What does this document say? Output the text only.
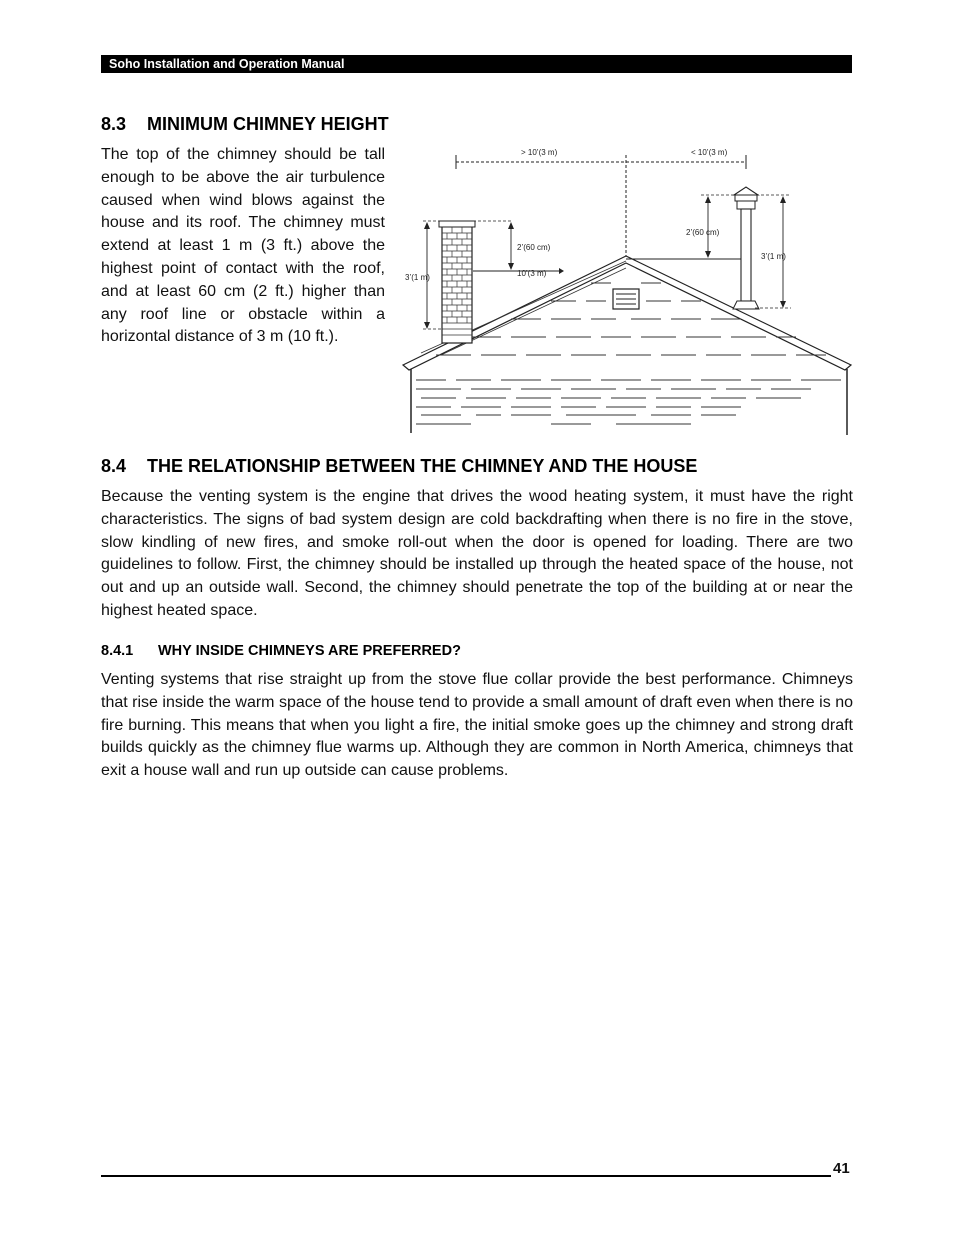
Soho Installation and Operation Manual
8.3 MINIMUM CHIMNEY HEIGHT

The top of the chimney should be tall enough to be above the air turbulence caused when wind blows against the house and its roof. The chimney must extend at least 1 m (3 ft.) above the highest point of contact with the roof, and at least 60 cm (2 ft.) higher than any roof line or obstacle within a horizontal distance of 3 m (10 ft.).

> 10’(3 m)	< 10’(3 m)
3’(1 m)	10’(3 m)
2’(60 cm)
2’(60 cm)
3’(1 m)
8.4 THE RELATIONSHIP BETWEEN THE CHIMNEY AND THE HOUSE

Because the venting system is the engine that drives the wood heating system, it must have the right characteristics. The signs of bad system design are cold backdrafting when there is no fire in the stove, slow kindling of new fires, and smoke roll-out when the door is opened for loading. There are two guidelines to follow. First, the chimney should be installed up through the heated space of the house, not out and up an outside wall. Second, the chimney should penetrate the top of the building at or near the highest heated space.

8.4.1 WHY INSIDE CHIMNEYS ARE PREFERRED?

Venting systems that rise straight up from the stove flue collar provide the best performance. Chimneys that rise inside the warm space of the house tend to provide a small amount of draft even when there is no fire burning. This means that when you light a fire, the initial smoke goes up the chimney and strong draft builds quickly as the chimney flue warms up. Although they are common in North America, chimneys that exit a house wall and run up outside can cause problems.

41
